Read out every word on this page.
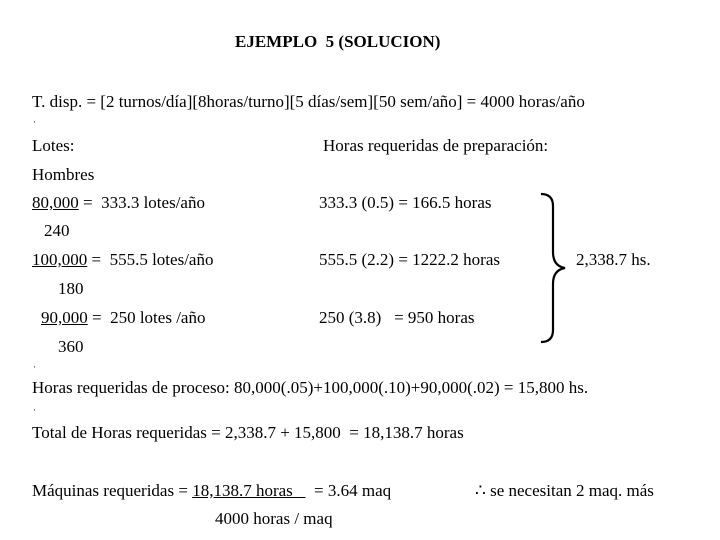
EJEMPLO  5 (SOLUCION)
T. disp. = [2 turnos/día][8horas/turno][5 días/sem][50 sem/año] = 4000 horas/año
·
Lotes:	Horas requeridas de preparación:
Hombres
80,000 =  333.3 lotes/año	333.3 (0.5) = 166.5 horas
240
100,000 =  555.5 lotes/año	555.5 (2.2) = 1222.2 horas	2,338.7 hs.
180
90,000 =  250 lotes /año	250 (3.8)   = 950 horas
360
·
Horas requeridas de proceso: 80,000(.05)+100,000(.10)+90,000(.02) = 15,800 hs.
·
Total de Horas requeridas = 2,338.7 + 15,800  = 18,138.7 horas
Máquinas requeridas = 18,138.7 horas     = 3.64 maq	∴ se necesitan 2 maq. más
4000 horas / maq
